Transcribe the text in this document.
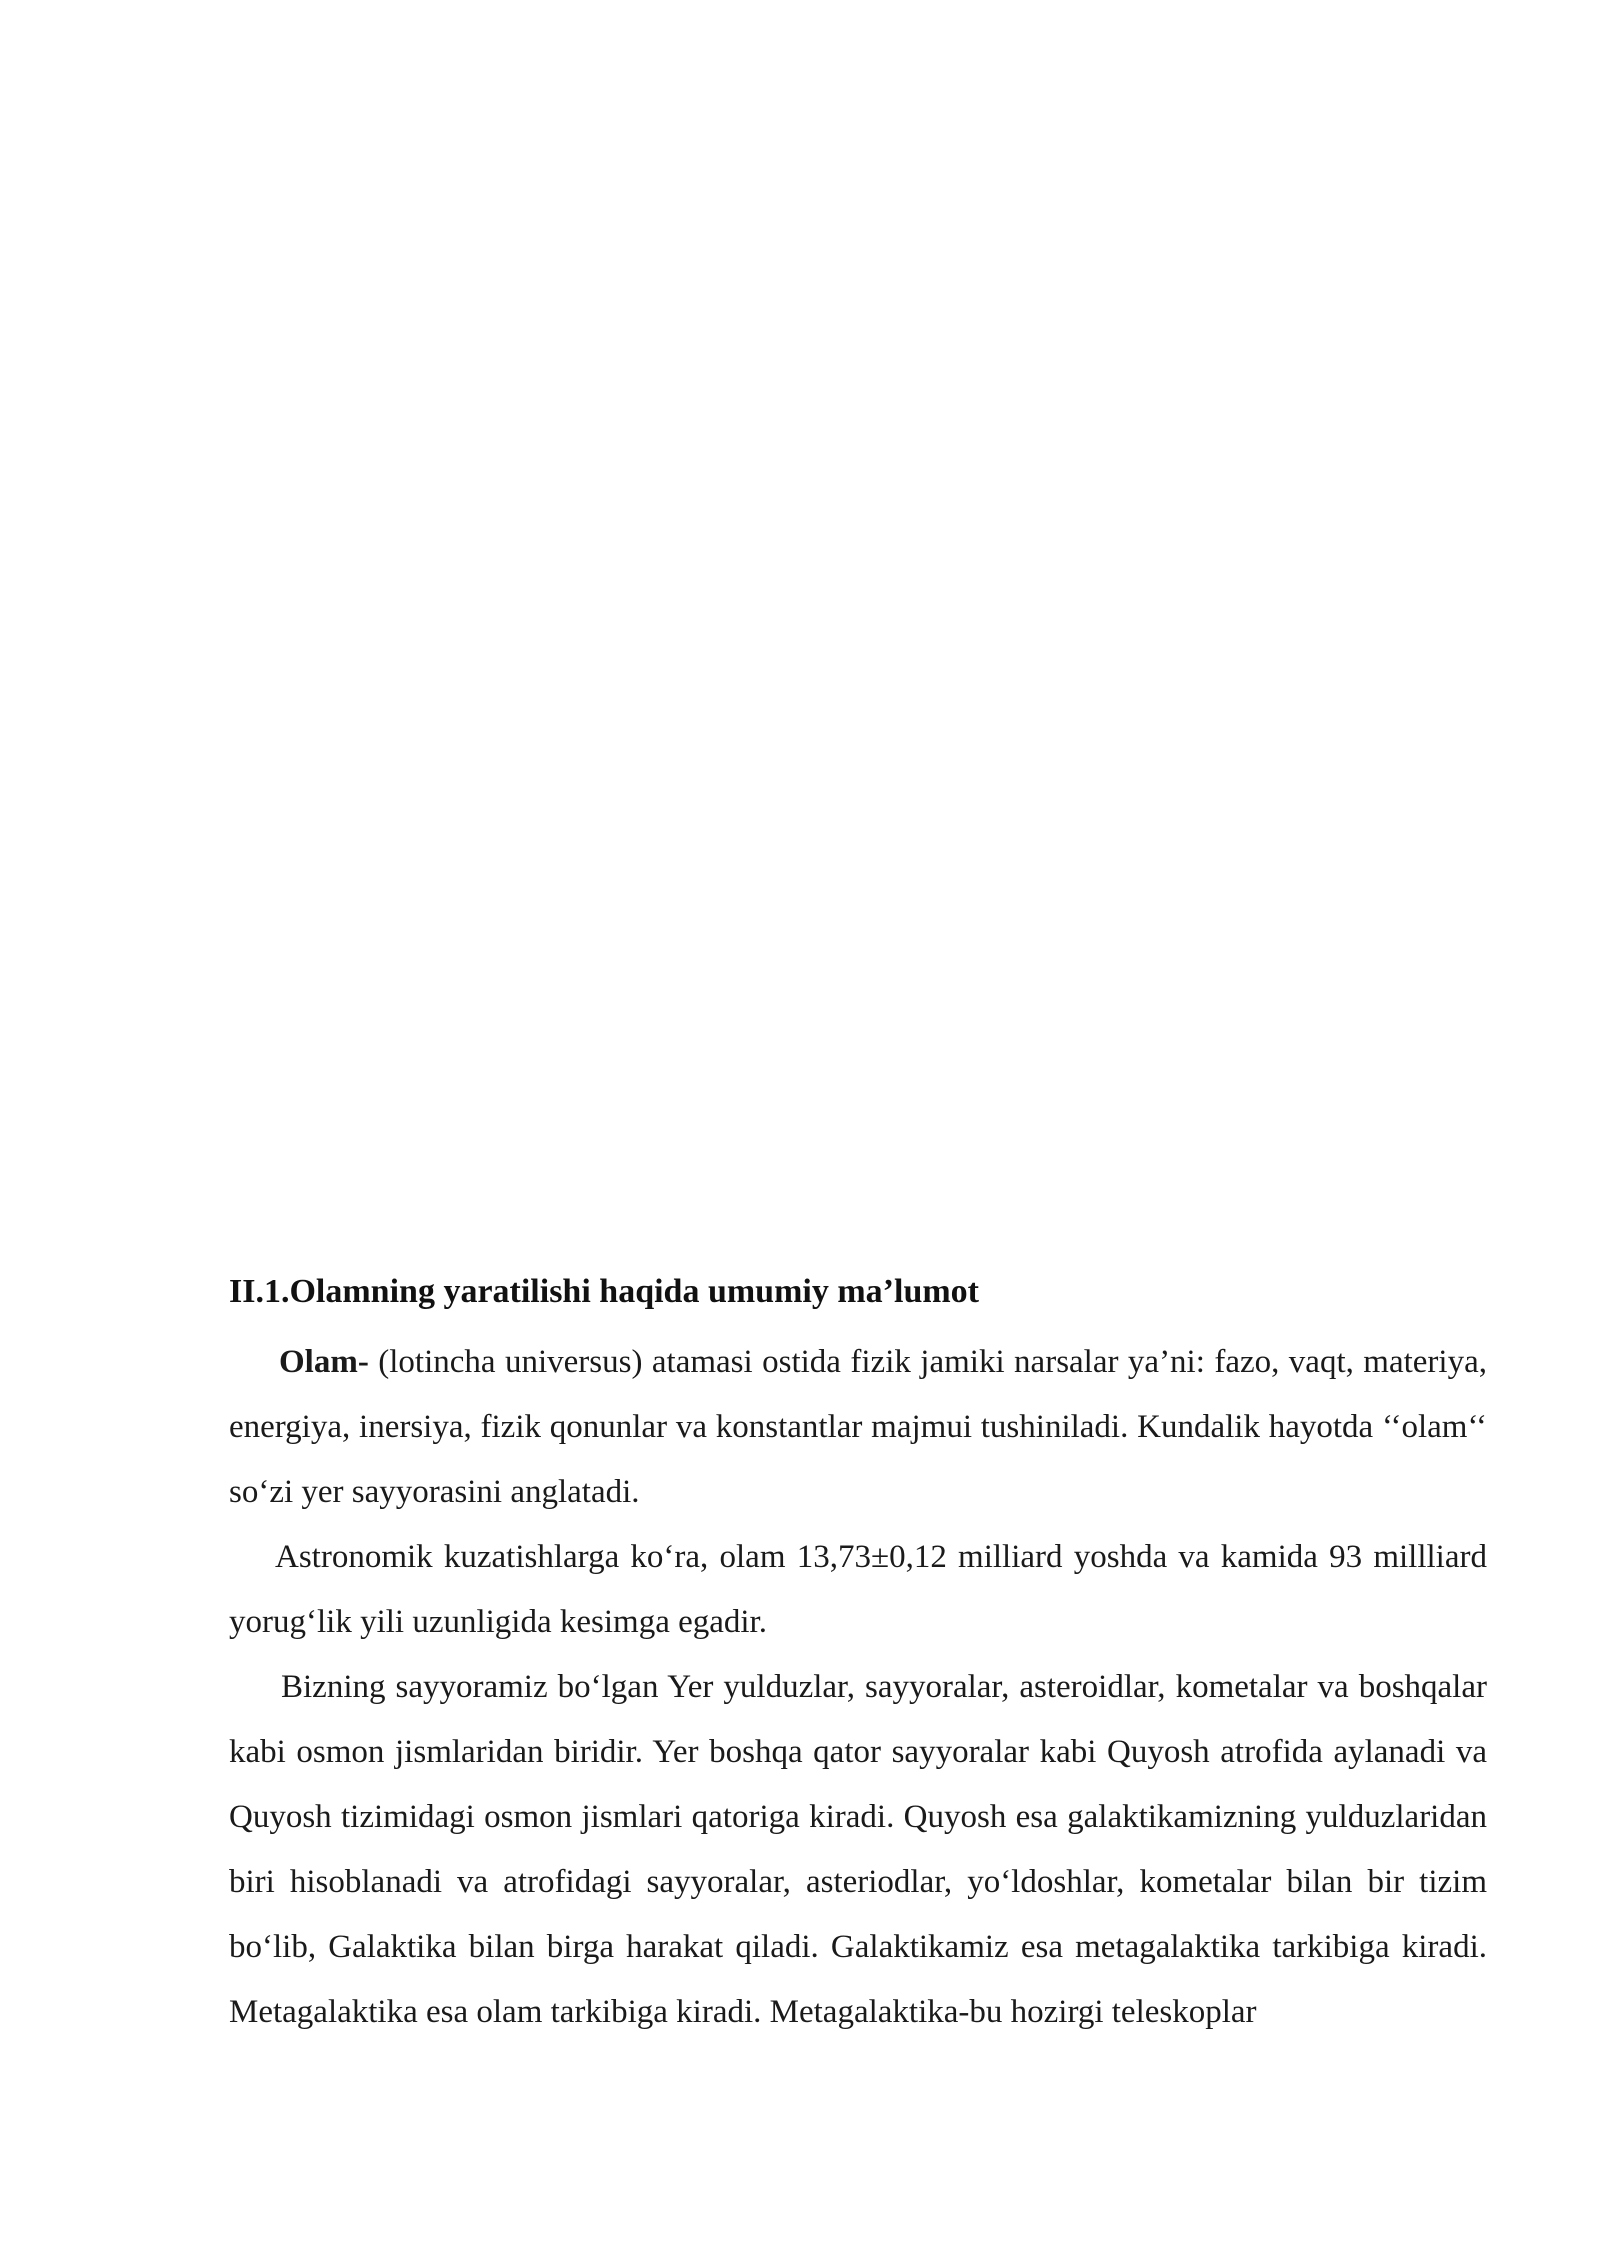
II.1.Olamning yaratilishi haqida umumiy ma’lumot

Olam- (lotincha universus) atamasi ostida fizik jamiki narsalar ya’ni: fazo, vaqt, materiya, energiya, inersiya, fizik qonunlar va konstantlar majmui tushiniladi. Kundalik hayotda ‘‘olam‘‘ so‘zi yer sayyorasini anglatadi.

Astronomik kuzatishlarga ko‘ra, olam 13,73±0,12 milliard yoshda va kamida 93 millliard yorug‘lik yili uzunligida kesimga egadir.

Bizning sayyoramiz bo‘lgan Yer yulduzlar, sayyoralar, asteroidlar, kometalar va boshqalar kabi osmon jismlaridan biridir. Yer boshqa qator sayyoralar kabi Quyosh atrofida aylanadi va Quyosh tizimidagi osmon jismlari qatoriga kiradi. Quyosh esa galaktikamizning yulduzlaridan biri hisoblanadi va atrofidagi sayyoralar, asteriodlar, yo‘ldoshlar, kometalar bilan bir tizim bo‘lib, Galaktika bilan birga harakat qiladi. Galaktikamiz esa metagalaktika tarkibiga kiradi. Metagalaktika esa olam tarkibiga kiradi. Metagalaktika-bu hozirgi teleskoplar
